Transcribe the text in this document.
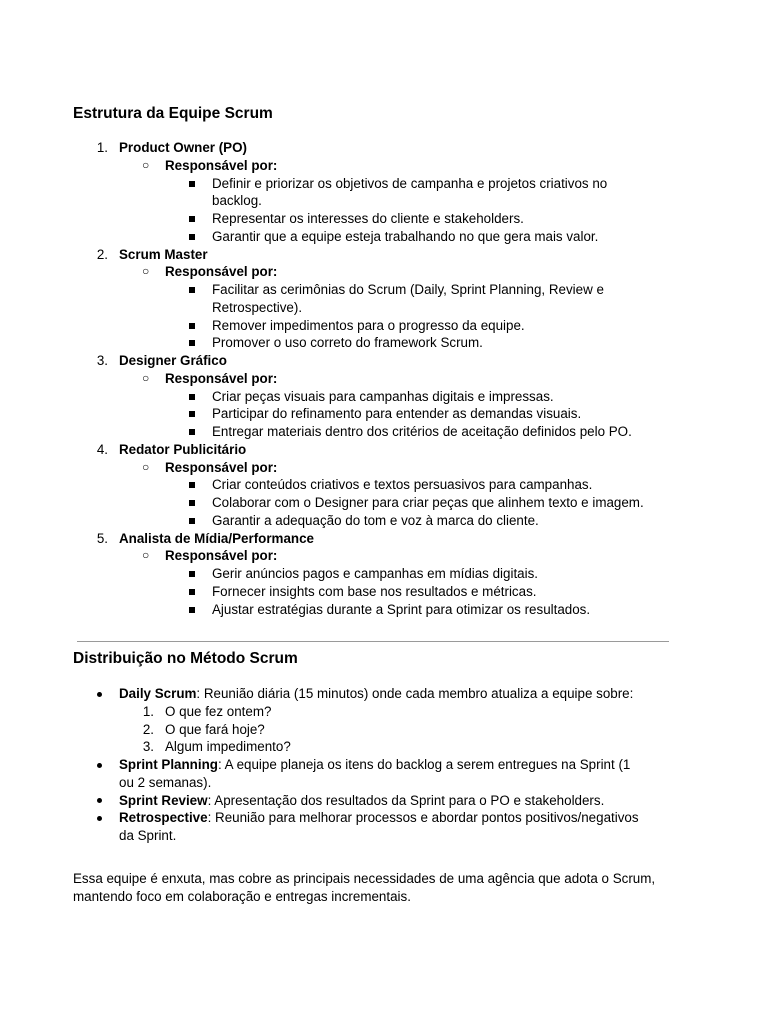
Estrutura da Equipe Scrum
1. Product Owner (PO)
○ Responsável por:
Definir e priorizar os objetivos de campanha e projetos criativos no
backlog.
Representar os interesses do cliente e stakeholders.
Garantir que a equipe esteja trabalhando no que gera mais valor.
2. Scrum Master
○ Responsável por:
Facilitar as cerimônias do Scrum (Daily, Sprint Planning, Review e
Retrospective).
Remover impedimentos para o progresso da equipe.
Promover o uso correto do framework Scrum.
3. Designer Gráfico
○ Responsável por:
Criar peças visuais para campanhas digitais e impressas.
Participar do refinamento para entender as demandas visuais.
Entregar materiais dentro dos critérios de aceitação definidos pelo PO.
4. Redator Publicitário
○ Responsável por:
Criar conteúdos criativos e textos persuasivos para campanhas.
Colaborar com o Designer para criar peças que alinhem texto e imagem.
Garantir a adequação do tom e voz à marca do cliente.
5. Analista de Mídia/Performance
○ Responsável por:
Gerir anúncios pagos e campanhas em mídias digitais.
Fornecer insights com base nos resultados e métricas.
Ajustar estratégias durante a Sprint para otimizar os resultados.
Distribuição no Método Scrum
Daily Scrum: Reunião diária (15 minutos) onde cada membro atualiza a equipe sobre:
1. O que fez ontem?
2. O que fará hoje?
3. Algum impedimento?
Sprint Planning: A equipe planeja os itens do backlog a serem entregues na Sprint (1
ou 2 semanas).
Sprint Review: Apresentação dos resultados da Sprint para o PO e stakeholders.
Retrospective: Reunião para melhorar processos e abordar pontos positivos/negativos
da Sprint.

Essa equipe é enxuta, mas cobre as principais necessidades de uma agência que adota o Scrum, mantendo foco em colaboração e entregas incrementais.
